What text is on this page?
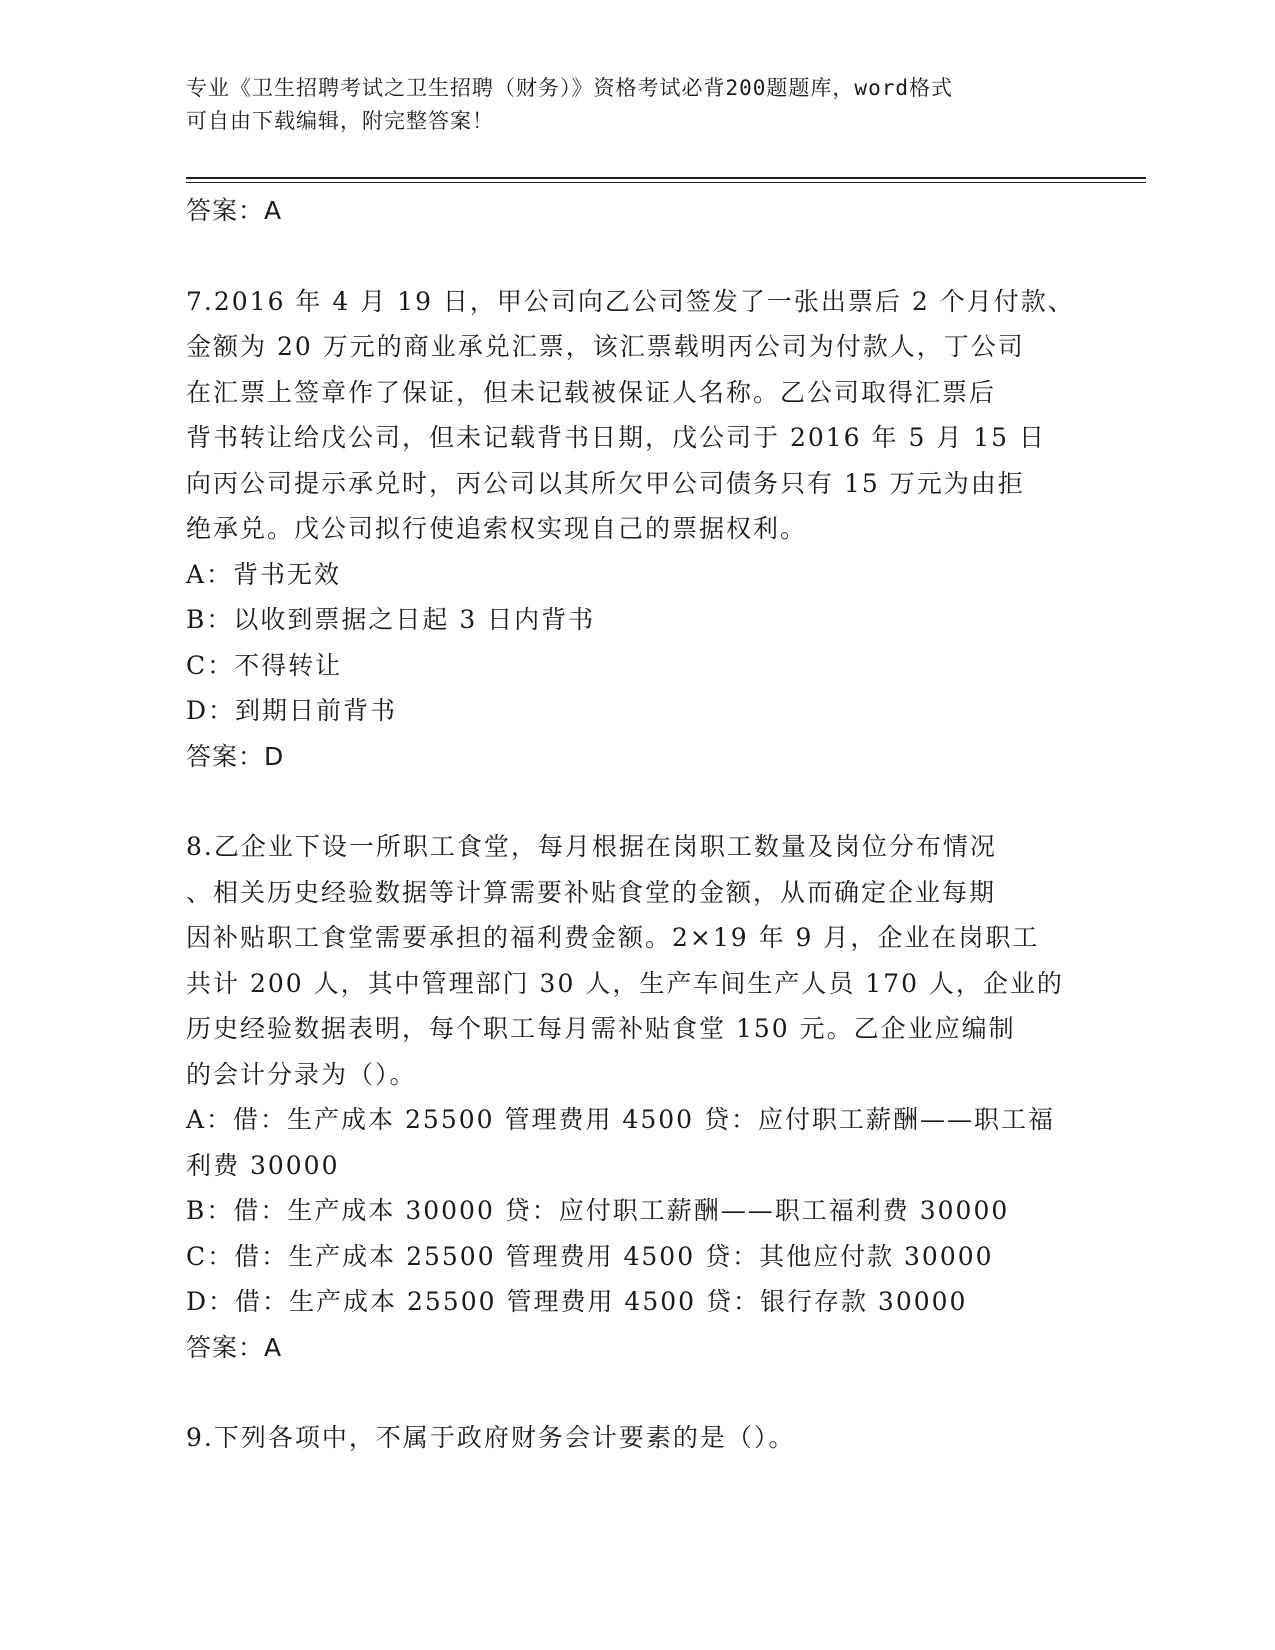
专业《卫生招聘考试之卫生招聘（财务）》资格考试必背200题题库，word格式

可自由下载编辑，附完整答案！

答案：A

7.2016 年 4 月 19 日，甲公司向乙公司签发了一张出票后 2 个月付款、

金额为 20 万元的商业承兑汇票，该汇票载明丙公司为付款人，丁公司

在汇票上签章作了保证，但未记载被保证人名称。乙公司取得汇票后

背书转让给戊公司，但未记载背书日期，戊公司于 2016 年 5 月 15 日

向丙公司提示承兑时，丙公司以其所欠甲公司债务只有 15 万元为由拒

绝承兑。戊公司拟行使追索权实现自己的票据权利。

A：背书无效

B：以收到票据之日起 3 日内背书

C：不得转让

D：到期日前背书

答案：D

8.乙企业下设一所职工食堂，每月根据在岗职工数量及岗位分布情况

、相关历史经验数据等计算需要补贴食堂的金额，从而确定企业每期

因补贴职工食堂需要承担的福利费金额。2×19 年 9 月，企业在岗职工

共计 200 人，其中管理部门 30 人，生产车间生产人员 170 人，企业的

历史经验数据表明，每个职工每月需补贴食堂 150 元。乙企业应编制

的会计分录为（）。

A：借：生产成本 25500 管理费用 4500 贷：应付职工薪酬——职工福

利费 30000

B：借：生产成本 30000 贷：应付职工薪酬——职工福利费 30000

C：借：生产成本 25500 管理费用 4500 贷：其他应付款 30000

D：借：生产成本 25500 管理费用 4500 贷：银行存款 30000

答案：A

9.下列各项中，不属于政府财务会计要素的是（）。
